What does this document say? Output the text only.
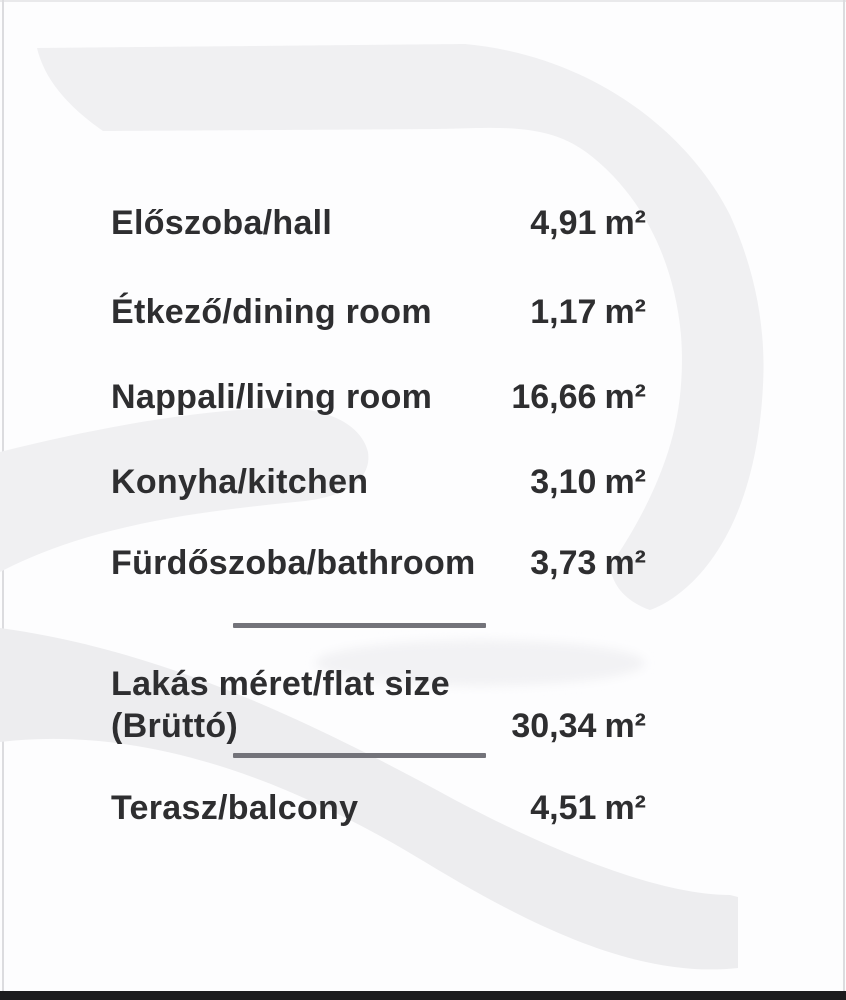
Előszoba/hall	4,91 m²
Étkező/dining room	1,17 m²
Nappali/living room	16,66 m²
Konyha/kitchen	3,10 m²
Fürdőszoba/bathroom	3,73 m²
Lakás méret/flat size
(Brüttó)	30,34 m²
Terasz/balcony	4,51 m²
